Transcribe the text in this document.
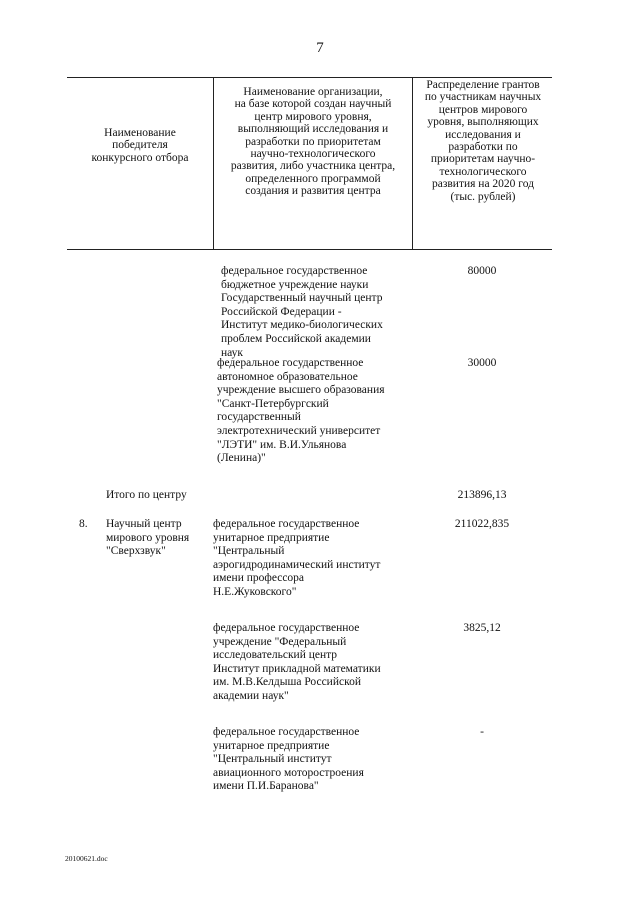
7
Наименование
победителя
конкурсного отбора
Наименование организации,
на базе которой создан научный
центр мирового уровня,
выполняющий исследования и
разработки по приоритетам
научно-технологического
развития, либо участника центра,
определенного программой
создания и развития центра
Распределение грантов
по участникам научных
центров мирового
уровня, выполняющих
исследования и
разработки по
приоритетам научно-
технологического
развития на 2020 год
(тыс. рублей)
федеральное государственное
бюджетное учреждение науки
Государственный научный центр
Российской Федерации -
Институт медико-биологических
проблем Российской академии
наук
80000
федеральное государственное
автономное образовательное
учреждение высшего образования
"Санкт-Петербургский
государственный
электротехнический университет
"ЛЭТИ" им. В.И.Ульянова
(Ленина)"
30000
Итого по центру	213896,13
8.	Научный центр
мирового уровня
"Сверхзвук"
федеральное государственное
унитарное предприятие
"Центральный
аэрогидродинамический институт
имени профессора
Н.Е.Жуковского"
211022,835
федеральное государственное
учреждение "Федеральный
исследовательский центр
Институт прикладной математики
им. М.В.Келдыша Российской
академии наук"
3825,12
федеральное государственное
унитарное предприятие
"Центральный институт
авиационного моторостроения
имени П.И.Баранова"
-
20100621.doc
